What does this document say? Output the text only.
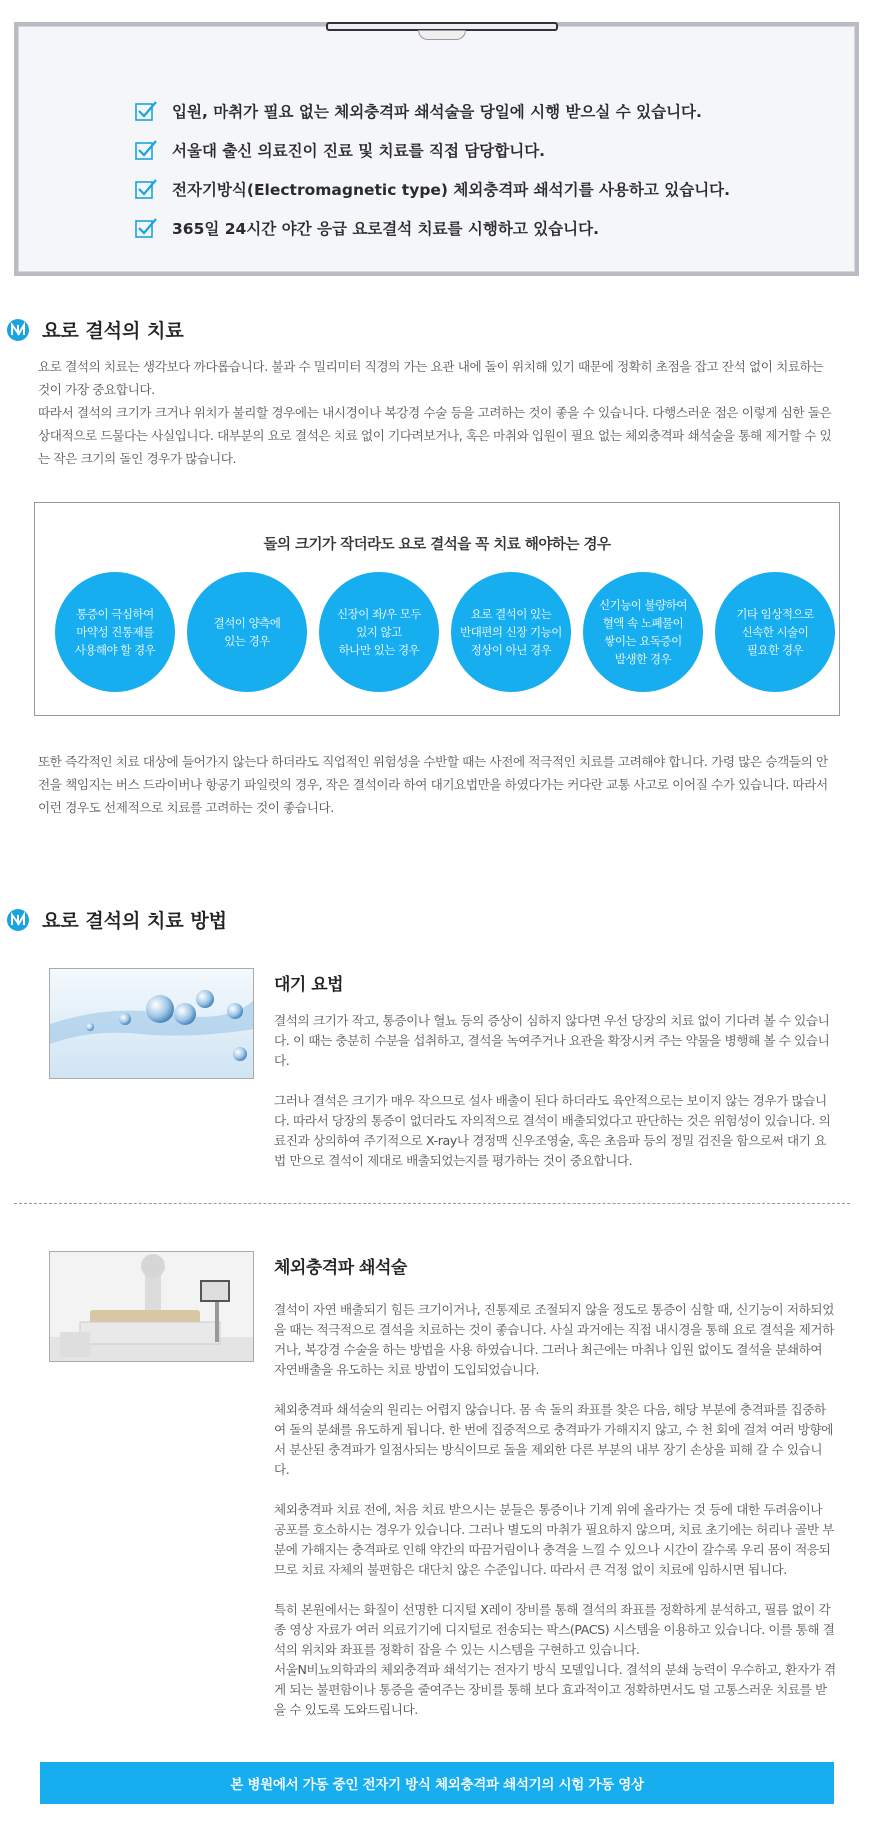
입원, 마취가 필요 없는 체외충격파 쇄석술을 당일에 시행 받으실 수 있습니다.
서울대 출신 의료진이 진료 및 치료를 직접 담당합니다.
전자기방식(Electromagnetic type) 체외충격파 쇄석기를 사용하고 있습니다.
365일 24시간 야간 응급 요로결석 치료를 시행하고 있습니다.
요로 결석의 치료

요로 결석의 치료는 생각보다 까다롭습니다. 불과 수 밀리미터 직경의 가는 요관 내에 돌이 위치해 있기 때문에 정확히 초점을 잡고 잔석 없이 치료하는 것이 가장 중요합니다.
따라서 결석의 크기가 크거나 위치가 불리할 경우에는 내시경이나 복강경 수술 등을 고려하는 것이 좋을 수 있습니다. 다행스러운 점은 이렇게 심한 돌은 상대적으로 드물다는 사실입니다. 대부분의 요로 결석은 치료 없이 기다려보거나, 혹은 마취와 입원이 필요 없는 체외충격파 쇄석술을 통해 제거할 수 있는 작은 크기의 돌인 경우가 많습니다.

돌의 크기가 작더라도 요로 결석을 꼭 치료 해야하는 경우
통증이 극심하여
마약성 진통제를
사용해야 할 경우
결석이 양측에
있는 경우
신장이 좌/우 모두
있지 않고
하나만 있는 경우
요로 결석이 있는
반대편의 신장 기능이
정상이 아닌 경우
신기능이 불량하여
혈액 속 노폐물이
쌓이는 요독증이
발생한 경우
기타 임상적으로
신속한 시술이
필요한 경우

또한 즉각적인 치료 대상에 들어가지 않는다 하더라도 직업적인 위험성을 수반할 때는 사전에 적극적인 치료를 고려해야 합니다. 가령 많은 승객들의 안전을 책임지는 버스 드라이버나 항공기 파일럿의 경우, 작은 결석이라 하여 대기요법만을 하였다가는 커다란 교통 사고로 이어질 수가 있습니다. 따라서 이런 경우도 선제적으로 치료를 고려하는 것이 좋습니다.

요로 결석의 치료 방법
대기 요법

결석의 크기가 작고, 통증이나 혈뇨 등의 증상이 심하지 않다면 우선 당장의 치료 없이 기다려 볼 수 있습니다. 이 때는 충분히 수분을 섭취하고, 결석을 녹여주거나 요관을 확장시켜 주는 약물을 병행해 볼 수 있습니다.

그러나 결석은 크기가 매우 작으므로 설사 배출이 된다 하더라도 육안적으로는 보이지 않는 경우가 많습니다. 따라서 당장의 통증이 없더라도 자의적으로 결석이 배출되었다고 판단하는 것은 위험성이 있습니다. 의료진과 상의하여 주기적으로 X-ray나 경정맥 신우조영술, 혹은 초음파 등의 정밀 검진을 함으로써 대기 요법 만으로 결석이 제대로 배출되었는지를 평가하는 것이 중요합니다.

체외충격파 쇄석술

결석이 자연 배출되기 힘든 크기이거나, 진통제로 조절되지 않을 정도로 통증이 심할 때, 신기능이 저하되었을 때는 적극적으로 결석을 치료하는 것이 좋습니다. 사실 과거에는 직접 내시경을 통해 요로 결석을 제거하거나, 복강경 수술을 하는 방법을 사용 하였습니다. 그러나 최근에는 마취나 입원 없이도 결석을 분쇄하여 자연배출을 유도하는 치료 방법이 도입되었습니다.

체외충격파 쇄석술의 원리는 어렵지 않습니다. 몸 속 돌의 좌표를 찾은 다음, 해당 부분에 충격파를 집중하여 돌의 분쇄를 유도하게 됩니다. 한 번에 집중적으로 충격파가 가해지지 않고, 수 천 회에 걸쳐 여러 방향에서 분산된 충격파가 일점사되는 방식이므로 돌을 제외한 다른 부분의 내부 장기 손상을 피해 갈 수 있습니다.

체외충격파 치료 전에, 처음 치료 받으시는 분들은 통증이나 기계 위에 올라가는 것 등에 대한 두려움이나 공포를 호소하시는 경우가 있습니다. 그러나 별도의 마취가 필요하지 않으며, 치료 초기에는 허리나 골반 부분에 가해지는 충격파로 인해 약간의 따끔거림이나 충격을 느낄 수 있으나 시간이 갈수록 우리 몸이 적응되므로 치료 자체의 불편함은 대단치 않은 수준입니다. 따라서 큰 걱정 없이 치료에 임하시면 됩니다.

특히 본원에서는 화질이 선명한 디지털 X레이 장비를 통해 결석의 좌표를 정확하게 분석하고, 필름 없이 각종 영상 자료가 여러 의료기기에 디지털로 전송되는 팍스(PACS) 시스템을 이용하고 있습니다. 이를 통해 결석의 위치와 좌표를 정확히 잡을 수 있는 시스템을 구현하고 있습니다.
서울N비뇨의학과의 체외충격파 쇄석기는 전자기 방식 모델입니다. 결석의 분쇄 능력이 우수하고, 환자가 겪게 되는 불편함이나 통증을 줄여주는 장비를 통해 보다 효과적이고 정확하면서도 덜 고통스러운 치료를 받을 수 있도록 도와드립니다.

본 병원에서 가동 중인 전자기 방식 체외충격파 쇄석기의 시험 가동 영상
